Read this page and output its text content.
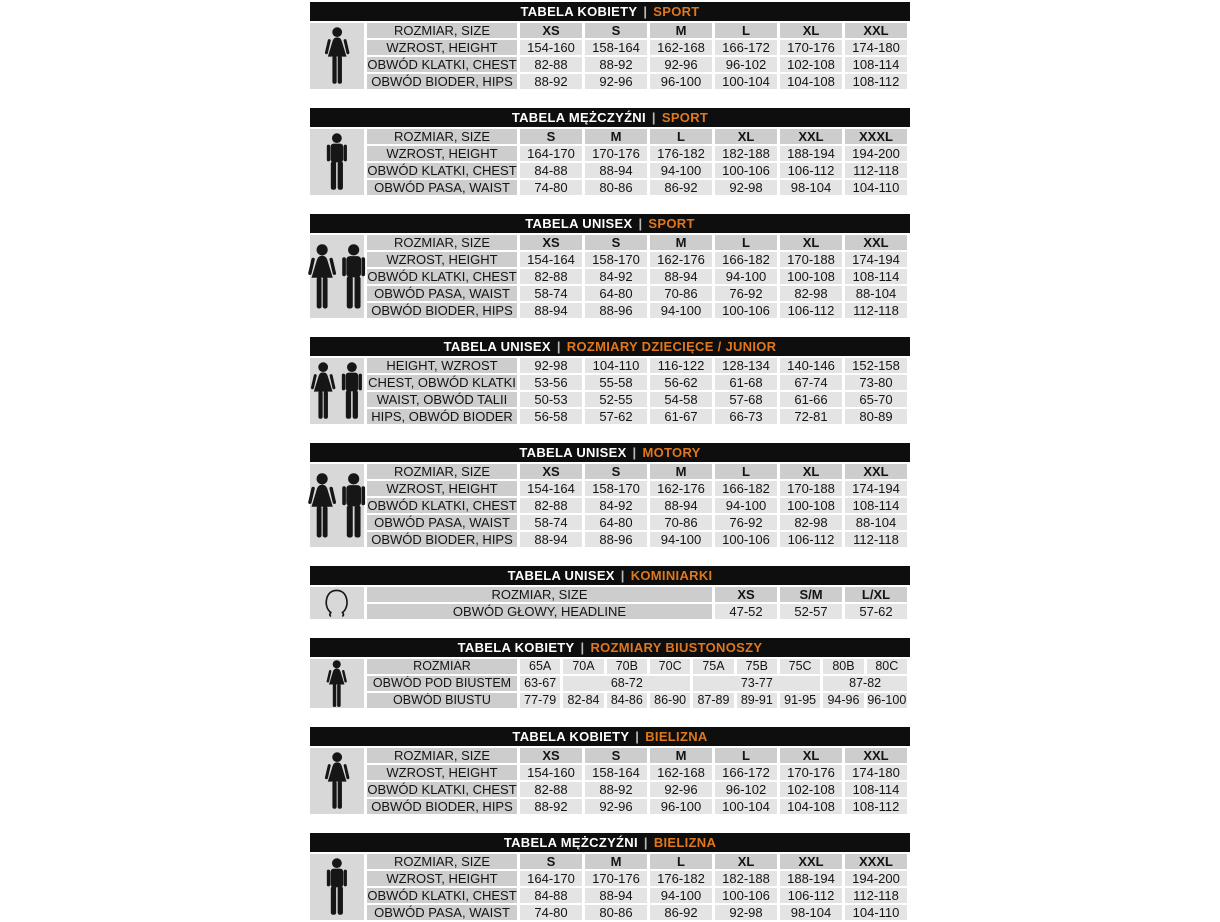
TABELA KOBIETY | SPORT
ROZMIAR, SIZE	XS	S	M	L	XL	XXL
WZROST, HEIGHT	154-160	158-164	162-168	166-172	170-176	174-180
OBWÓD KLATKI, CHEST	82-88	88-92	92-96	96-102	102-108	108-114
OBWÓD BIODER, HIPS	88-92	92-96	96-100	100-104	104-108	108-112
TABELA MĘŻCZYŹNI | SPORT
ROZMIAR, SIZE	S	M	L	XL	XXL	XXXL
WZROST, HEIGHT	164-170	170-176	176-182	182-188	188-194	194-200
OBWÓD KLATKI, CHEST	84-88	88-94	94-100	100-106	106-112	112-118
OBWÓD PASA, WAIST	74-80	80-86	86-92	92-98	98-104	104-110
TABELA UNISEX | SPORT
ROZMIAR, SIZE	XS	S	M	L	XL	XXL
WZROST, HEIGHT	154-164	158-170	162-176	166-182	170-188	174-194
OBWÓD KLATKI, CHEST	82-88	84-92	88-94	94-100	100-108	108-114
OBWÓD PASA, WAIST	58-74	64-80	70-86	76-92	82-98	88-104
OBWÓD BIODER, HIPS	88-94	88-96	94-100	100-106	106-112	112-118
TABELA UNISEX | ROZMIARY DZIECIĘCE / JUNIOR
HEIGHT, WZROST	92-98	104-110	116-122	128-134	140-146	152-158
CHEST, OBWÓD KLATKI	53-56	55-58	56-62	61-68	67-74	73-80
WAIST, OBWÓD TALII	50-53	52-55	54-58	57-68	61-66	65-70
HIPS, OBWÓD BIODER	56-58	57-62	61-67	66-73	72-81	80-89
TABELA UNISEX | MOTORY
ROZMIAR, SIZE	XS	S	M	L	XL	XXL
WZROST, HEIGHT	154-164	158-170	162-176	166-182	170-188	174-194
OBWÓD KLATKI, CHEST	82-88	84-92	88-94	94-100	100-108	108-114
OBWÓD PASA, WAIST	58-74	64-80	70-86	76-92	82-98	88-104
OBWÓD BIODER, HIPS	88-94	88-96	94-100	100-106	106-112	112-118
TABELA UNISEX | KOMINIARKI
ROZMIAR, SIZE	XS	S/M	L/XL
OBWÓD GŁOWY, HEADLINE	47-52	52-57	57-62
TABELA KOBIETY | ROZMIARY BIUSTONOSZY
ROZMIAR	65A	70A	70B	70C	75A	75B	75C	80B	80C
OBWÓD POD BIUSTEM	63-67	68-72			73-77			87-82	
OBWÓD BIUSTU	77-79	82-84	84-86	86-90	87-89	89-91	91-95	94-96	96-100
TABELA KOBIETY | BIELIZNA
ROZMIAR, SIZE	XS	S	M	L	XL	XXL
WZROST, HEIGHT	154-160	158-164	162-168	166-172	170-176	174-180
OBWÓD KLATKI, CHEST	82-88	88-92	92-96	96-102	102-108	108-114
OBWÓD BIODER, HIPS	88-92	92-96	96-100	100-104	104-108	108-112
TABELA MĘŻCZYŹNI | BIELIZNA
ROZMIAR, SIZE	S	M	L	XL	XXL	XXXL
WZROST, HEIGHT	164-170	170-176	176-182	182-188	188-194	194-200
OBWÓD KLATKI, CHEST	84-88	88-94	94-100	100-106	106-112	112-118
OBWÓD PASA, WAIST	74-80	80-86	86-92	92-98	98-104	104-110
